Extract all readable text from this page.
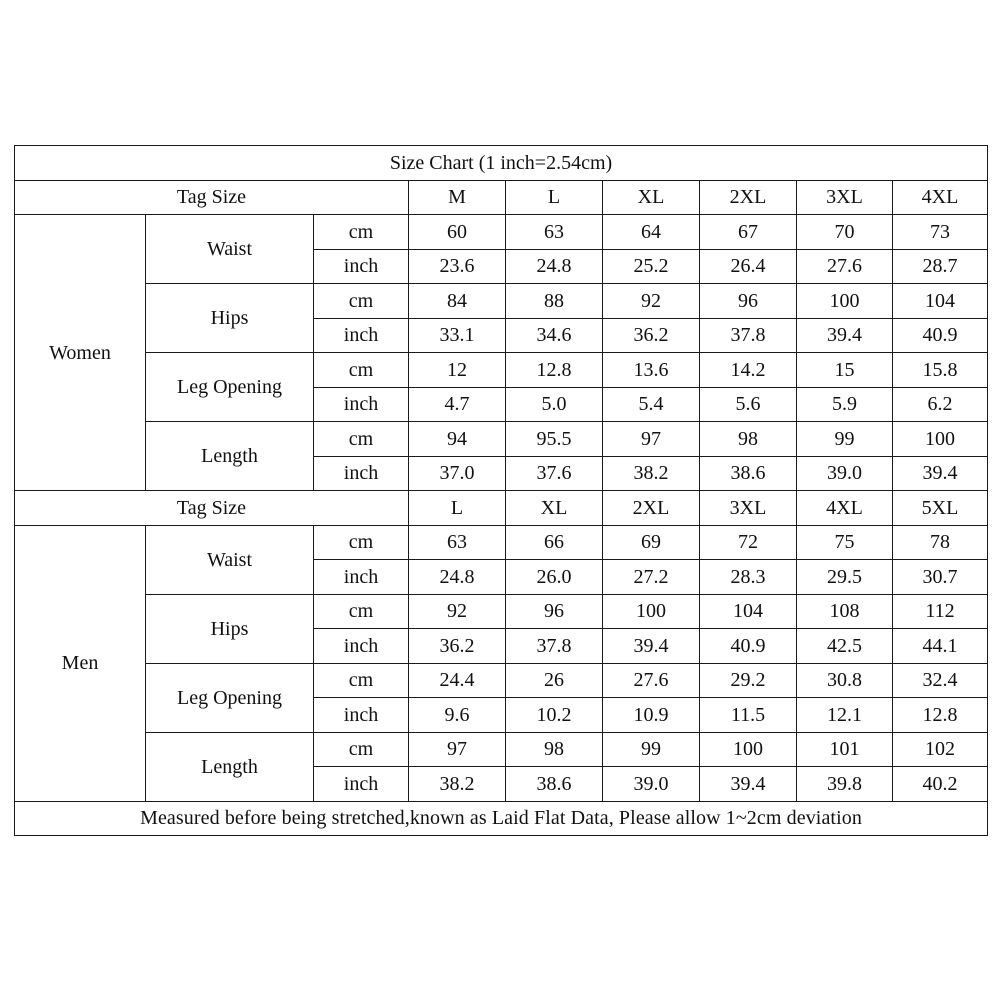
Size Chart (1 inch=2.54cm)								
Tag Size			M	L	XL	2XL	3XL	4XL
Women	Waist	cm	60	63	64	67	70	73
		inch	23.6	24.8	25.2	26.4	27.6	28.7
	Hips	cm	84	88	92	96	100	104
		inch	33.1	34.6	36.2	37.8	39.4	40.9
	Leg Opening	cm	12	12.8	13.6	14.2	15	15.8
		inch	4.7	5.0	5.4	5.6	5.9	6.2
	Length	cm	94	95.5	97	98	99	100
		inch	37.0	37.6	38.2	38.6	39.0	39.4
Tag Size			L	XL	2XL	3XL	4XL	5XL
Men	Waist	cm	63	66	69	72	75	78
		inch	24.8	26.0	27.2	28.3	29.5	30.7
	Hips	cm	92	96	100	104	108	112
		inch	36.2	37.8	39.4	40.9	42.5	44.1
	Leg Opening	cm	24.4	26	27.6	29.2	30.8	32.4
		inch	9.6	10.2	10.9	11.5	12.1	12.8
	Length	cm	97	98	99	100	101	102
		inch	38.2	38.6	39.0	39.4	39.8	40.2
Measured before being stretched,known as Laid Flat Data, Please allow 1~2cm deviation								
